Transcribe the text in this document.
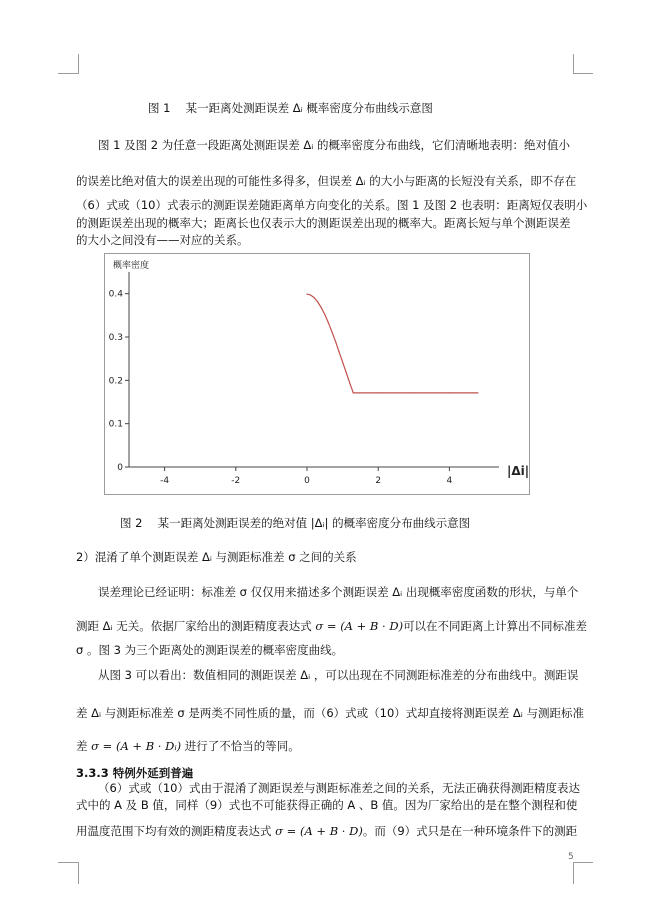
图 1　 某一距离处测距误差 Δᵢ 概率密度分布曲线示意图
图 1 及图 2 为任意一段距离处测距误差 Δᵢ 的概率密度分布曲线，它们清晰地表明：绝对值小
的误差比绝对值大的误差出现的可能性多得多，但误差 Δᵢ 的大小与距离的长短没有关系，即不存在
（6）式或（10）式表示的测距误差随距离单方向变化的关系。图 1 及图 2 也表明：距离短仅表明小
的测距误差出现的概率大；距离长也仅表示大的测距误差出现的概率大。距离长短与单个测距误差
的大小之间没有——对应的关系。
概率密度
-4	-2	0	2	4
0
0.1
0.2
0.3
0.4
|Δi|
图 2　 某一距离处测距误差的绝对值 |Δᵢ| 的概率密度分布曲线示意图
2）混淆了单个测距误差 Δᵢ 与测距标准差 σ 之间的关系
误差理论已经证明：标准差 σ 仅仅用来描述多个测距误差 Δᵢ 出现概率密度函数的形状，与单个
测距 Δᵢ 无关。依据厂家给出的测距精度表达式 σ = (A + B · D)可以在不同距离上计算出不同标准差
σ 。图 3 为三个距离处的测距误差的概率密度曲线。
从图 3 可以看出：数值相同的测距误差 Δᵢ ，可以出现在不同测距标准差的分布曲线中。测距误
差 Δᵢ 与测距标准差 σ 是两类不同性质的量，而（6）式或（10）式却直接将测距误差 Δᵢ 与测距标准
差 σ = (A + B · Dᵢ) 进行了不恰当的等同。
3.3.3 特例外延到普遍
（6）式或（10）式由于混淆了测距误差与测距标准差之间的关系，无法正确获得测距精度表达
式中的 A 及 B 值，同样（9）式也不可能获得正确的 A 、B 值。因为厂家给出的是在整个测程和使
用温度范围下均有效的测距精度表达式 σ = (A + B · D)。而（9）式只是在一种环境条件下的测距
5
